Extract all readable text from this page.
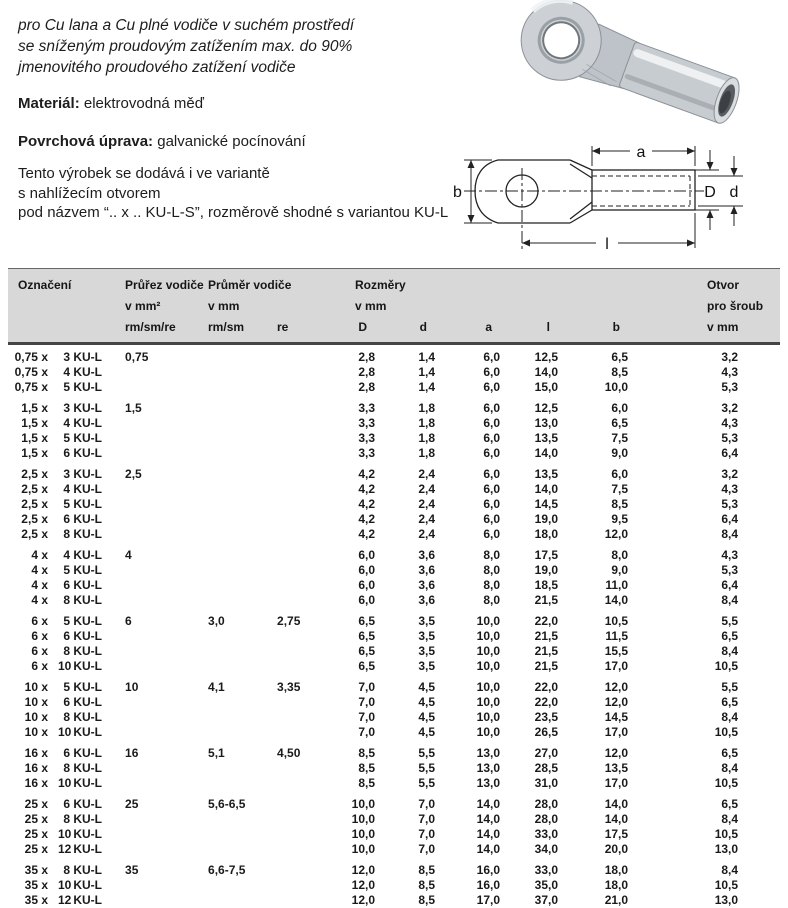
pro Cu lana a Cu plné vodiče v suchém prostředí
se sníženým proudovým zatížením max. do 90%
jmenovitého proudového zatížení vodiče
Materiál: elektrovodná měď
Povrchová úprava: galvanické pocínování
Tento výrobek se dodává i ve variantě
s nahlížecím otvorem
pod názvem “.. x .. KU-L-S”, rozměrově shodné s variantou KU-L
a
b	D d
l
Označení	Průřez vodiče
v mm²
rm/sm/re

Průměr vodiče
v mm
rm/sm	re

Rozměry
v mm
D	d	a	l	b

Otvor
pro šroub
v mm

0,75 x	3 KU-L	0,75			2,8	1,4	6,0	12,5	6,5	3,2
0,75 x	4 KU-L				2,8	1,4	6,0	14,0	8,5	4,3
0,75 x	5 KU-L				2,8	1,4	6,0	15,0	10,0	5,3
1,5 x	3 KU-L	1,5			3,3	1,8	6,0	12,5	6,0	3,2
1,5 x	4 KU-L				3,3	1,8	6,0	13,0	6,5	4,3
1,5 x	5 KU-L				3,3	1,8	6,0	13,5	7,5	5,3
1,5 x	6 KU-L				3,3	1,8	6,0	14,0	9,0	6,4
2,5 x	3 KU-L	2,5			4,2	2,4	6,0	13,5	6,0	3,2
2,5 x	4 KU-L				4,2	2,4	6,0	14,0	7,5	4,3
2,5 x	5 KU-L				4,2	2,4	6,0	14,5	8,5	5,3
2,5 x	6 KU-L				4,2	2,4	6,0	19,0	9,5	6,4
2,5 x	8 KU-L				4,2	2,4	6,0	18,0	12,0	8,4
4 x	4 KU-L	4			6,0	3,6	8,0	17,5	8,0	4,3
4 x	5 KU-L				6,0	3,6	8,0	19,0	9,0	5,3
4 x	6 KU-L				6,0	3,6	8,0	18,5	11,0	6,4
4 x	8 KU-L				6,0	3,6	8,0	21,5	14,0	8,4
6 x	5 KU-L	6	3,0	2,75	6,5	3,5	10,0	22,0	10,5	5,5
6 x	6 KU-L				6,5	3,5	10,0	21,5	11,5	6,5
6 x	8 KU-L				6,5	3,5	10,0	21,5	15,5	8,4
6 x	10 KU-L				6,5	3,5	10,0	21,5	17,0	10,5
10 x	5 KU-L	10	4,1	3,35	7,0	4,5	10,0	22,0	12,0	5,5
10 x	6 KU-L				7,0	4,5	10,0	22,0	12,0	6,5
10 x	8 KU-L				7,0	4,5	10,0	23,5	14,5	8,4
10 x	10 KU-L				7,0	4,5	10,0	26,5	17,0	10,5
16 x	6 KU-L	16	5,1	4,50	8,5	5,5	13,0	27,0	12,0	6,5
16 x	8 KU-L				8,5	5,5	13,0	28,5	13,5	8,4
16 x	10 KU-L				8,5	5,5	13,0	31,0	17,0	10,5
25 x	6 KU-L	25	5,6-6,5		10,0	7,0	14,0	28,0	14,0	6,5
25 x	8 KU-L				10,0	7,0	14,0	28,0	14,0	8,4
25 x	10 KU-L				10,0	7,0	14,0	33,0	17,5	10,5
25 x	12 KU-L				10,0	7,0	14,0	34,0	20,0	13,0
35 x	8 KU-L	35	6,6-7,5		12,0	8,5	16,0	33,0	18,0	8,4
35 x	10 KU-L				12,0	8,5	16,0	35,0	18,0	10,5
35 x	12 KU-L				12,0	8,5	17,0	37,0	21,0	13,0
